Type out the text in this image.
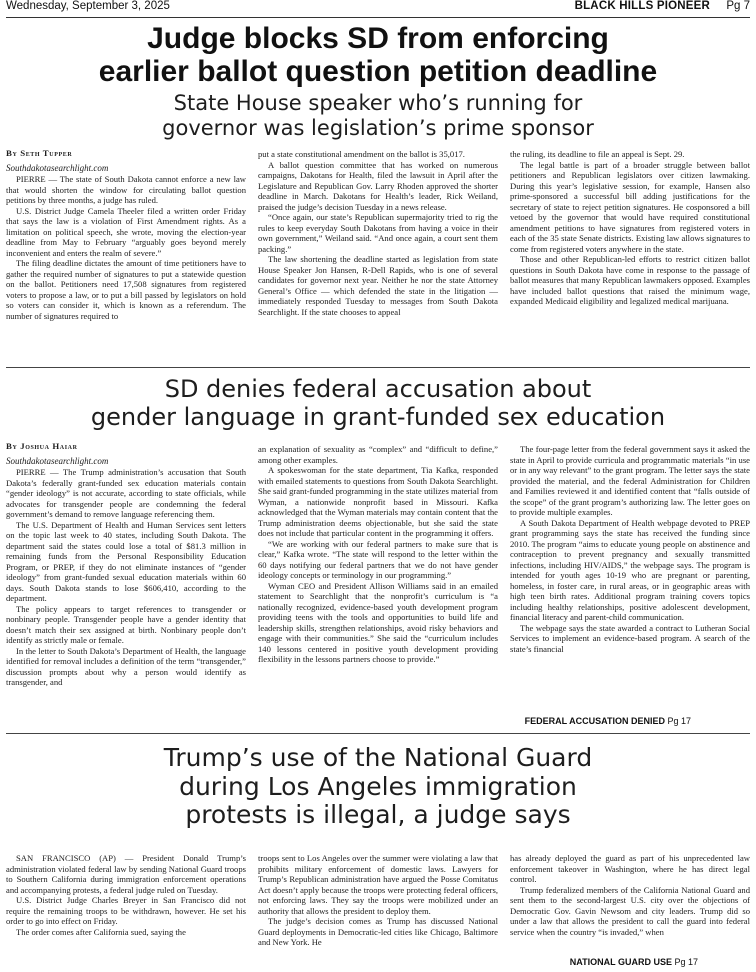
Wednesday, September 3, 2025	BLACK HILLS PIONEER Pg 7
Judge blocks SD from enforcing
earlier ballot question petition deadline
State House speaker who’s running for
governor was legislation’s prime sponsor

By Seth Tupper

Southdakotasearchlight.com

PIERRE — The state of South Dakota cannot enforce a new law that would shorten the window for circulating ballot question petitions by three months, a judge has ruled.

U.S. District Judge Camela Theeler filed a written order Friday that says the law is a violation of First Amendment rights. As a limitation on political speech, she wrote, moving the election-year deadline from May to February “arguably goes beyond merely inconvenient and enters the realm of severe.”

The filing deadline dictates the amount of time petitioners have to gather the required number of signatures to put a statewide question on the ballot. Petitioners need 17,508 signatures from registered voters to propose a law, or to put a bill passed by legislators on hold so voters can consider it, which is known as a referendum. The number of signatures required to

put a state constitutional amendment on the ballot is 35,017.

A ballot question committee that has worked on numerous campaigns, Dakotans for Health, filed the lawsuit in April after the Legislature and Republican Gov. Larry Rhoden approved the shorter deadline in March. Dakotans for Health’s leader, Rick Weiland, praised the judge’s decision Tuesday in a news release.

“Once again, our state’s Republican supermajority tried to rig the rules to keep everyday South Dakotans from having a voice in their own government,” Weiland said. “And once again, a court sent them packing.”

The law shortening the deadline started as legislation from state House Speaker Jon Hansen, R-Dell Rapids, who is one of several candidates for governor next year. Neither he nor the state Attorney General’s Office — which defended the state in the litigation — immediately responded Tuesday to messages from South Dakota Searchlight. If the state chooses to appeal

the ruling, its deadline to file an appeal is Sept. 29.

The legal battle is part of a broader struggle between ballot petitioners and Republican legislators over citizen lawmaking. During this year’s legislative session, for example, Hansen also prime-sponsored a successful bill adding justifications for the secretary of state to reject petition signatures. He cosponsored a bill vetoed by the governor that would have required constitutional amendment petitions to have signatures from registered voters in each of the 35 state Senate districts. Existing law allows signatures to come from registered voters anywhere in the state.

Those and other Republican-led efforts to restrict citizen ballot questions in South Dakota have come in response to the passage of ballot measures that many Republican lawmakers opposed. Examples have included ballot questions that raised the minimum wage, expanded Medicaid eligibility and legalized medical marijuana.

SD denies federal accusation about
gender language in grant-funded sex education

By Joshua Haiar

Southdakotasearchlight.com

PIERRE — The Trump administration’s accusation that South Dakota’s federally grant-funded sex education materials contain “gender ideology” is not accurate, according to state officials, while advocates for transgender people are condemning the federal government’s demand to remove language referencing them.

The U.S. Department of Health and Human Services sent letters on the topic last week to 40 states, including South Dakota. The department said the states could lose a total of $81.3 million in remaining funds from the Personal Responsibility Education Program, or PREP, if they do not eliminate instances of “gender ideology” from grant-funded sexual education materials within 60 days. South Dakota stands to lose $606,410, according to the department.

The policy appears to target references to transgender or nonbinary people. Transgender people have a gender identity that doesn’t match their sex assigned at birth. Nonbinary people don’t identify as strictly male or female.

In the letter to South Dakota’s Department of Health, the language identified for removal includes a definition of the term “transgender,” discussion prompts about why a person would identify as transgender, and

an explanation of sexuality as “complex” and “difficult to define,” among other examples.

A spokeswoman for the state department, Tia Kafka, responded with emailed statements to questions from South Dakota Searchlight. She said grant-funded programming in the state utilizes material from Wyman, a nationwide nonprofit based in Missouri. Kafka acknowledged that the Wyman materials may contain content that the Trump administration deems objectionable, but she said the state does not include that particular content in the programming it offers.

“We are working with our federal partners to make sure that is clear,” Kafka wrote. “The state will respond to the letter within the 60 days notifying our federal partners that we do not have gender ideology concepts or terminology in our programming.”

Wyman CEO and President Allison Williams said in an emailed statement to Searchlight that the nonprofit’s curriculum is “a nationally recognized, evidence-based youth development program providing teens with the tools and opportunities to build life and leadership skills, strengthen relationships, avoid risky behaviors and engage with their communities.” She said the “curriculum includes 140 lessons centered in positive youth development providing flexibility in the lessons partners choose to provide.”

The four-page letter from the federal government says it asked the state in April to provide curricula and programmatic materials “in use or in any way relevant” to the grant program. The letter says the state provided the material, and the federal Administration for Children and Families reviewed it and identified content that “falls outside of the scope” of the grant program’s authorizing law. The letter goes on to provide multiple examples.

A South Dakota Department of Health webpage devoted to PREP grant programming says the state has received the funding since 2010. The program “aims to educate young people on abstinence and contraception to prevent pregnancy and sexually transmitted infections, including HIV/AIDS,” the webpage says. The program is intended for youth ages 10-19 who are pregnant or parenting, homeless, in foster care, in rural areas, or in geographic areas with high teen birth rates. Additional program training covers topics including healthy relationships, positive adolescent development, financial literacy and parent-child communication.

The webpage says the state awarded a contract to Lutheran Social Services to implement an evidence-based program. A search of the state’s financial

FEDERAL ACCUSATION DENIED Pg 17
Trump’s use of the National Guard
during Los Angeles immigration
protests is illegal, a judge says

SAN FRANCISCO (AP) — President Donald Trump’s administration violated federal law by sending National Guard troops to Southern California during immigration enforcement operations and accompanying protests, a federal judge ruled on Tuesday.

U.S. District Judge Charles Breyer in San Francisco did not require the remaining troops to be withdrawn, however. He set his order to go into effect on Friday.

The order comes after California sued, saying the

troops sent to Los Angeles over the summer were violating a law that prohibits military enforcement of domestic laws. Lawyers for Trump’s Republican administration have argued the Posse Comitatus Act doesn’t apply because the troops were protecting federal officers, not enforcing laws. They say the troops were mobilized under an authority that allows the president to deploy them.

The judge’s decision comes as Trump has discussed National Guard deployments in Democratic-led cities like Chicago, Baltimore and New York. He

has already deployed the guard as part of his unprecedented law enforcement takeover in Washington, where he has direct legal control.

Trump federalized members of the California National Guard and sent them to the second-largest U.S. city over the objections of Democratic Gov. Gavin Newsom and city leaders. Trump did so under a law that allows the president to call the guard into federal service when the country “is invaded,” when

NATIONAL GUARD USE Pg 17
